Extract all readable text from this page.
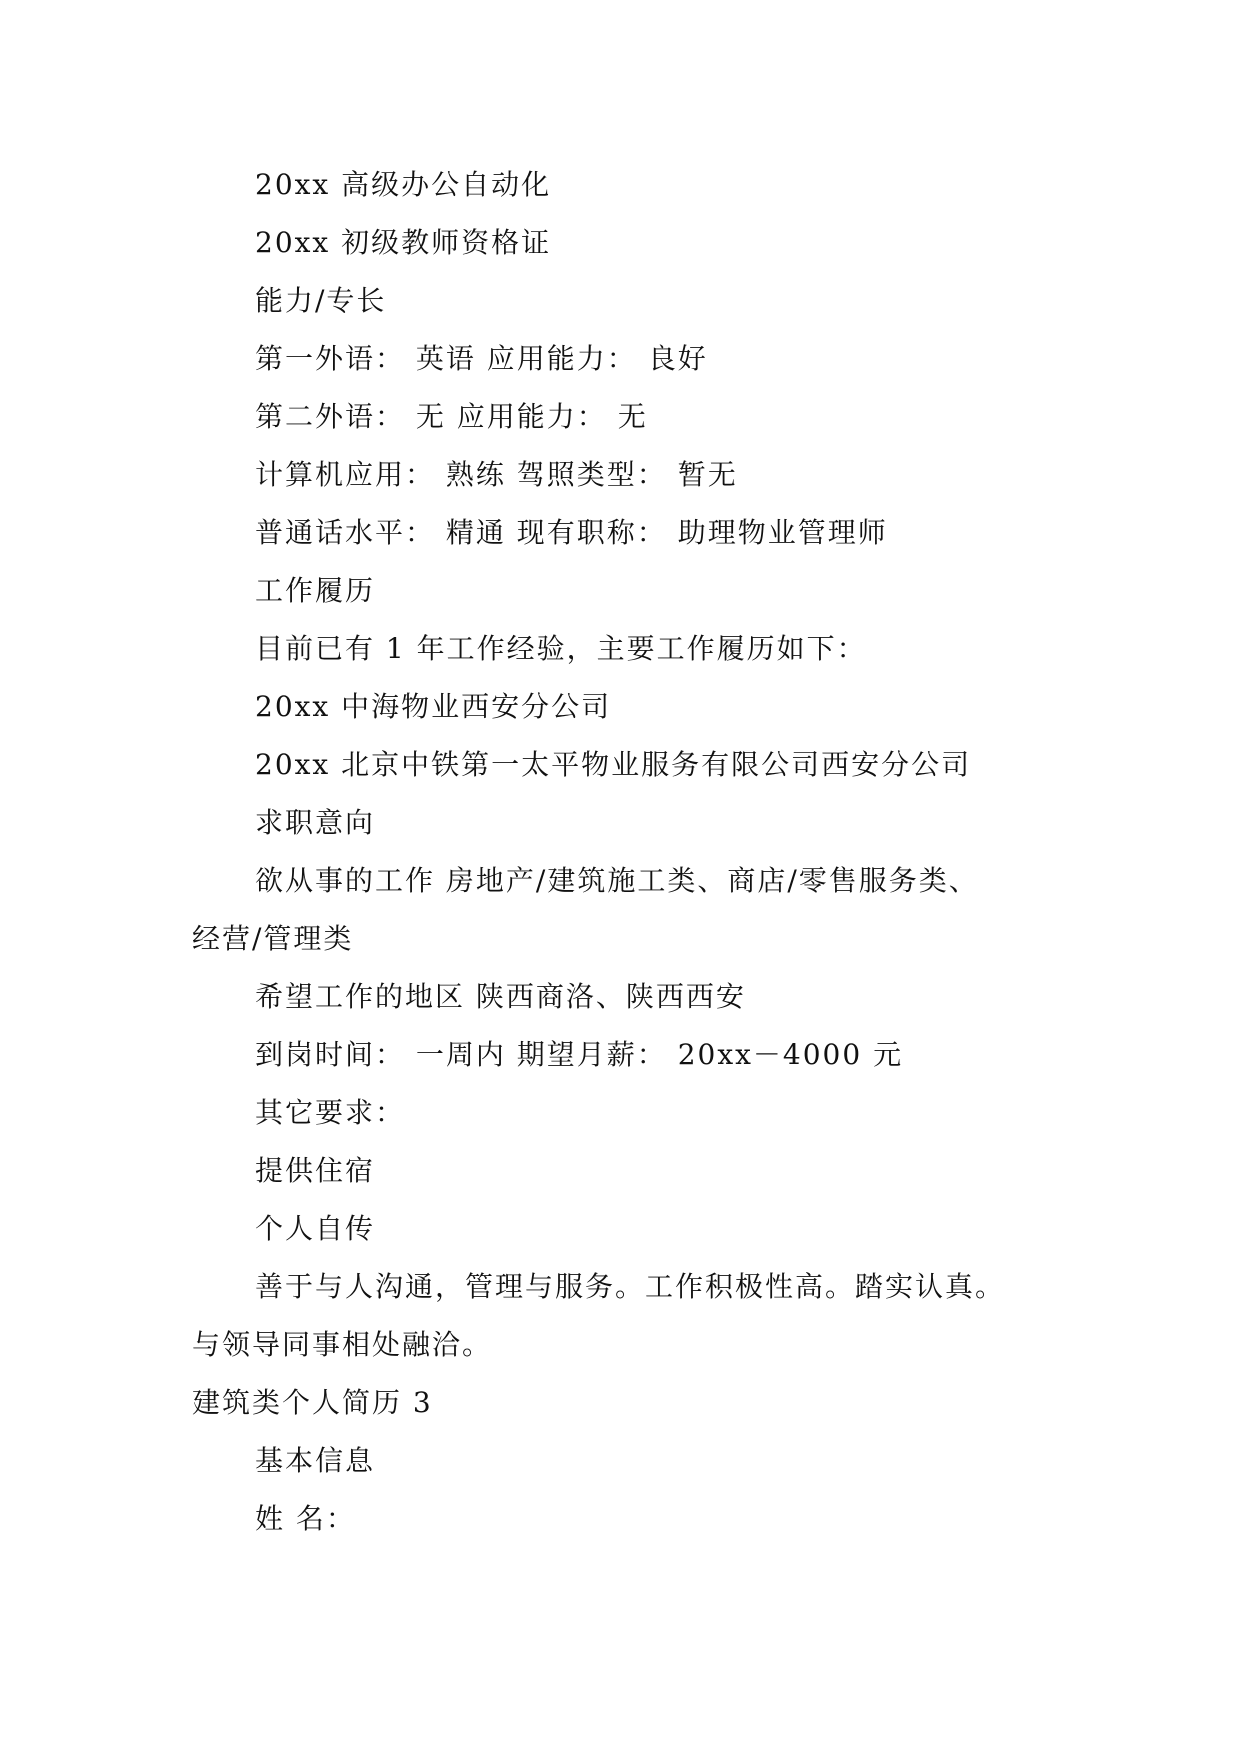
20xx 高级办公自动化
20xx 初级教师资格证
能力/专长
第一外语： 英语 应用能力： 良好
第二外语： 无 应用能力： 无
计算机应用： 熟练 驾照类型： 暂无
普通话水平： 精通 现有职称： 助理物业管理师
工作履历
目前已有 1 年工作经验，主要工作履历如下：
20xx 中海物业西安分公司
20xx 北京中铁第一太平物业服务有限公司西安分公司
求职意向
欲从事的工作 房地产/建筑施工类、商店/零售服务类、
经营/管理类
希望工作的地区 陕西商洛、陕西西安
到岗时间： 一周内 期望月薪： 20xx－4000 元
其它要求：
提供住宿
个人自传
善于与人沟通，管理与服务。工作积极性高。踏实认真。
与领导同事相处融洽。
建筑类个人简历 3
基本信息
姓 名：
